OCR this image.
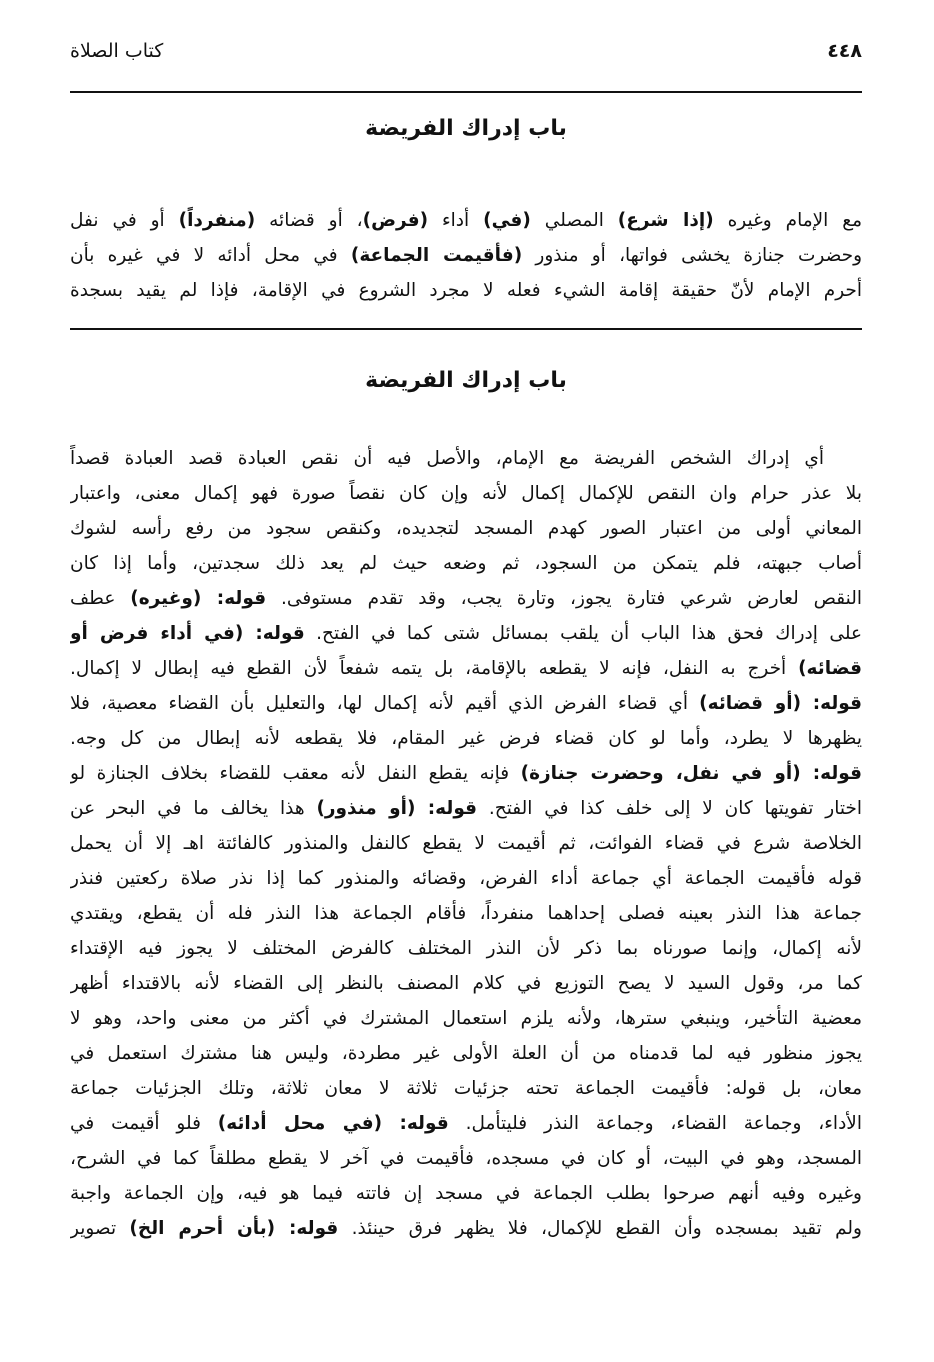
٤٤٨
كتاب الصلاة
باب إدراك الفريضة
مع الإمام وغيره (إذا شرع) المصلي (في) أداء (فرض)، أو قضائه (منفرداً) أو في نفل
وحضرت جنازة يخشى فواتها، أو منذور (فأقيمت الجماعة) في محل أدائه لا في غيره بأن
أحرم الإمام لأنّ حقيقة إقامة الشيء فعله لا مجرد الشروع في الإقامة، فإذا لم يقيد بسجدة
باب إدراك الفريضة
أي إدراك الشخص الفريضة مع الإمام، والأصل فيه أن نقص العبادة قصد العبادة قصداً
بلا عذر حرام وان النقص للإكمال إكمال لأنه وإن كان نقصاً صورة فهو إكمال معنى، واعتبار
المعاني أولى من اعتبار الصور كهدم المسجد لتجديده، وكنقص سجود من رفع رأسه لشوك
أصاب جبهته، فلم يتمكن من السجود، ثم وضعه حيث لم يعد ذلك سجدتين، وأما إذا كان
النقص لعارض شرعي فتارة يجوز، وتارة يجب، وقد تقدم مستوفى. قوله: (وغيره) عطف
على إدراك فحق هذا الباب أن يلقب بمسائل شتى كما في الفتح. قوله: (في أداء فرض أو
قضائه) أخرج به النفل، فإنه لا يقطعه بالإقامة، بل يتمه شفعاً لأن القطع فيه إبطال لا إكمال.
قوله: (أو قضائه) أي قضاء الفرض الذي أقيم لأنه إكمال لها، والتعليل بأن القضاء معصية، فلا
يظهرها لا يطرد، وأما لو كان قضاء فرض غير المقام، فلا يقطعه لأنه إبطال من كل وجه.
قوله: (أو في نفل، وحضرت جنازة) فإنه يقطع النفل لأنه معقب للقضاء بخلاف الجنازة لو
اختار تفويتها كان لا إلى خلف كذا في الفتح. قوله: (أو منذور) هذا يخالف ما في البحر عن
الخلاصة شرع في قضاء الفوائت، ثم أقيمت لا يقطع كالنفل والمنذور كالفائتة اهـ إلا أن يحمل
قوله فأقيمت الجماعة أي جماعة أداء الفرض، وقضائه والمنذور كما إذا نذر صلاة ركعتين فنذر
جماعة هذا النذر بعينه فصلى إحداهما منفرداً، فأقام الجماعة هذا النذر فله أن يقطع، ويقتدي
لأنه إكمال، وإنما صورناه بما ذكر لأن النذر المختلف كالفرض المختلف لا يجوز فيه الإقتداء
كما مر، وقول السيد لا يصح التوزيع في كلام المصنف بالنظر إلى القضاء لأنه بالاقتداء أظهر
معضية التأخير، وينبغي سترها، ولأنه يلزم استعمال المشترك في أكثر من معنى واحد، وهو لا
يجوز منظور فيه لما قدمناه من أن العلة الأولى غير مطردة، وليس هنا مشترك استعمل في
معان، بل قوله: فأقيمت الجماعة تحته جزئيات ثلاثة لا معان ثلاثة، وتلك الجزئيات جماعة
الأداء، وجماعة القضاء، وجماعة النذر فليتأمل. قوله: (في محل أدائه) فلو أقيمت في
المسجد، وهو في البيت، أو كان في مسجده، فأقيمت في آخر لا يقطع مطلقاً كما في الشرح،
وغيره وفيه أنهم صرحوا بطلب الجماعة في مسجد إن فاتته فيما هو فيه، وإن الجماعة واجبة
ولم تقيد بمسجده وأن القطع للإكمال، فلا يظهر فرق حينئذ. قوله: (بأن أحرم الخ) تصوير
